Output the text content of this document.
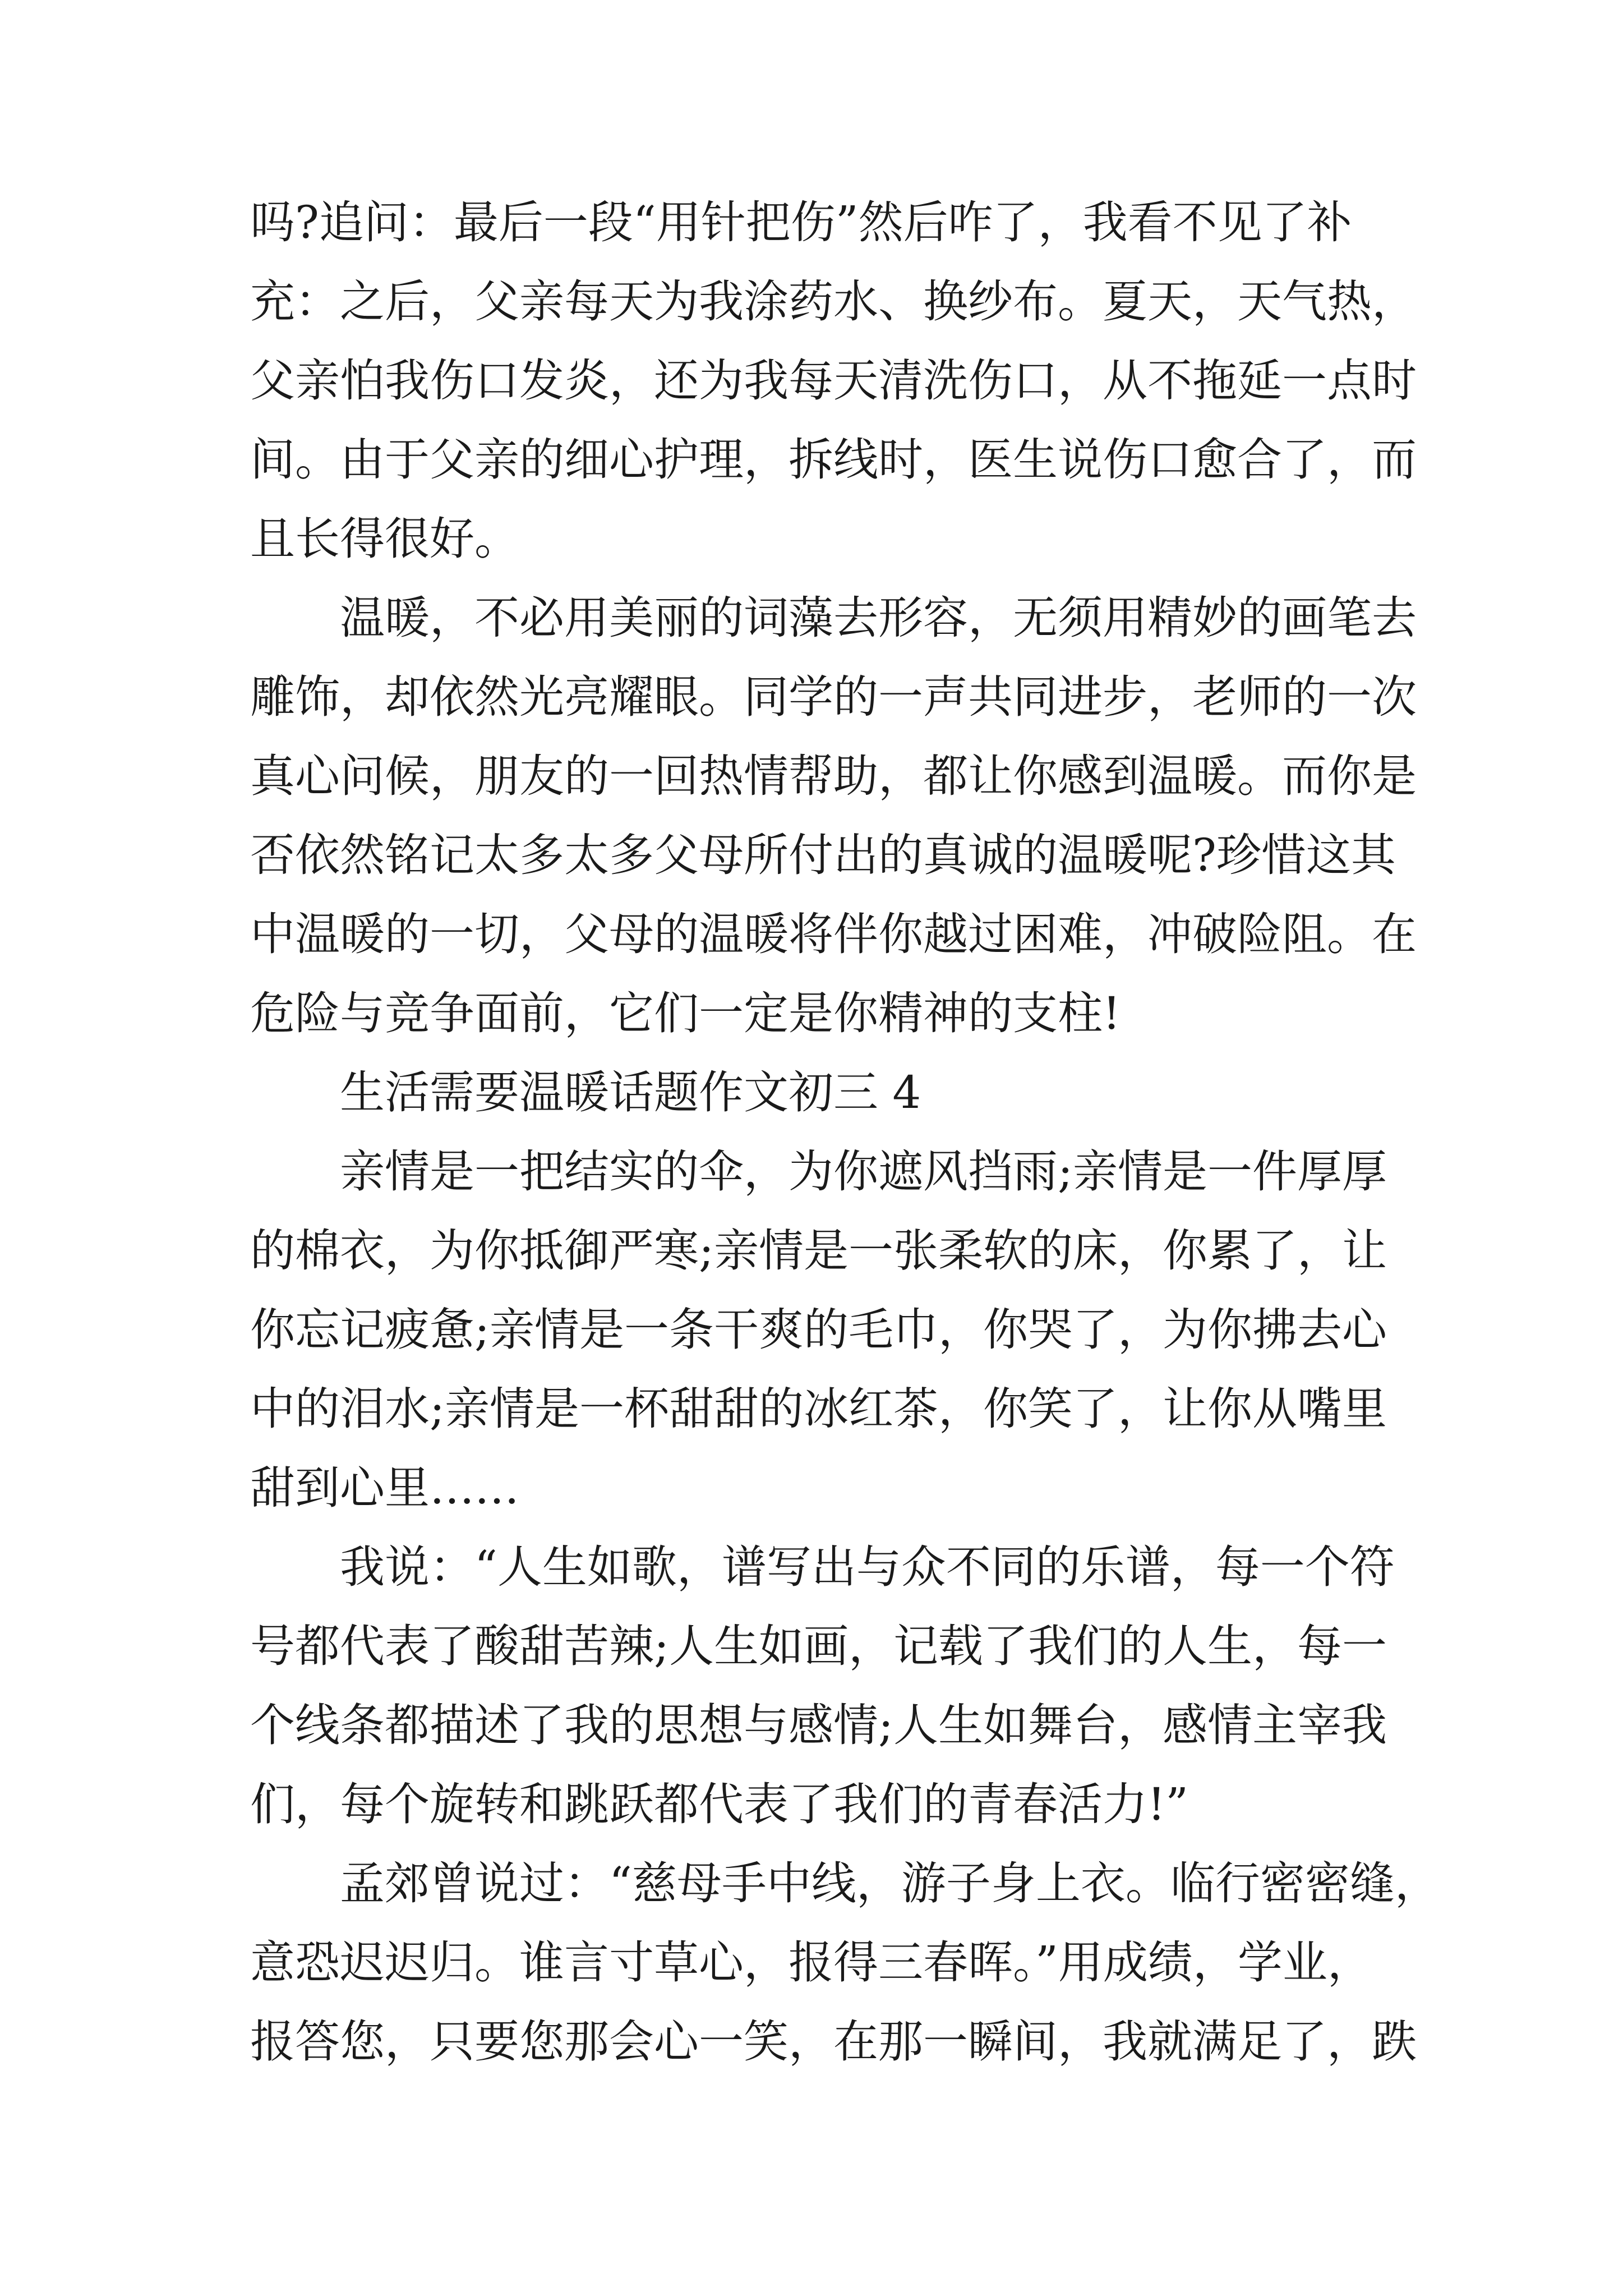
吗?追问：最后一段“用针把伤”然后咋了，我看不见了补
充：之后，父亲每天为我涂药水、换纱布。夏天，天气热，
父亲怕我伤口发炎，还为我每天清洗伤口，从不拖延一点时
间。由于父亲的细心护理，拆线时，医生说伤口愈合了，而
且长得很好。
温暖，不必用美丽的词藻去形容，无须用精妙的画笔去
雕饰，却依然光亮耀眼。同学的一声共同进步，老师的一次
真心问候，朋友的一回热情帮助，都让你感到温暖。而你是
否依然铭记太多太多父母所付出的真诚的温暖呢?珍惜这其
中温暖的一切，父母的温暖将伴你越过困难，冲破险阻。在
危险与竞争面前，它们一定是你精神的支柱!
生活需要温暖话题作文初三 4
亲情是一把结实的伞，为你遮风挡雨;亲情是一件厚厚
的棉衣，为你抵御严寒;亲情是一张柔软的床，你累了，让
你忘记疲惫;亲情是一条干爽的毛巾，你哭了，为你拂去心
中的泪水;亲情是一杯甜甜的冰红茶，你笑了，让你从嘴里
甜到心里……
我说：“人生如歌，谱写出与众不同的乐谱，每一个符
号都代表了酸甜苦辣;人生如画，记载了我们的人生，每一
个线条都描述了我的思想与感情;人生如舞台，感情主宰我
们，每个旋转和跳跃都代表了我们的青春活力!”
孟郊曾说过：“慈母手中线，游子身上衣。临行密密缝，
意恐迟迟归。谁言寸草心，报得三春晖。”用成绩，学业，
报答您，只要您那会心一笑，在那一瞬间，我就满足了，跌
